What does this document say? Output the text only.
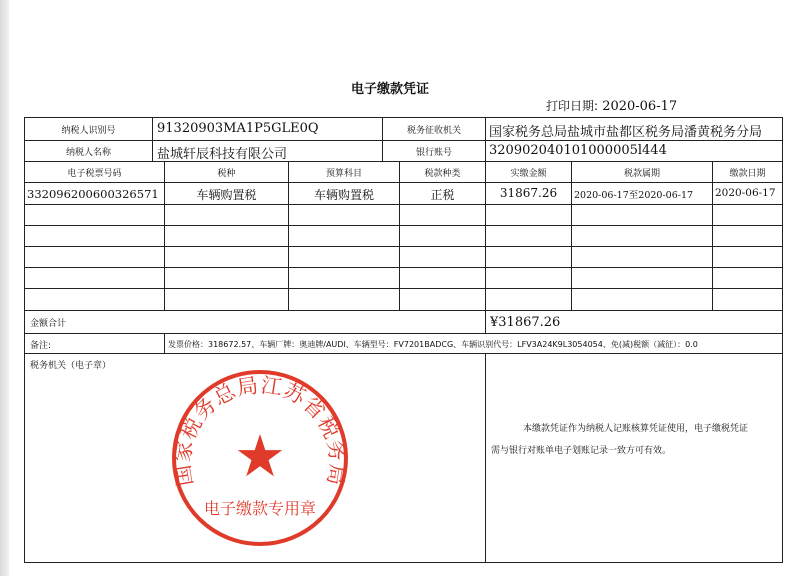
电子缴款凭证
打印日期: 2020-06-17
纳税人识别号	91320903MA1P5GLE0Q	税务征收机关	国家税务总局盐城市盐都区税务局潘黄税务分局
纳税人名称	盐城轩辰科技有限公司	银行账号	320902040101000005l444
电子税票号码	税种	预算科目	税款种类	实缴金额	税款属期	缴款日期
332096200600326571	车辆购置税	车辆购置税	正税	31867.26	2020-06-17至2020-06-17 2020-06-17
金额合计	¥31867.26
备注:	发票价格：318672.57、车辆厂牌：奥迪牌/AUDI、车辆型号：FV7201BADCG、车辆识别代号：LFV3A24K9L3054054、免(减)税额（减征）：0.0
税务机关（电子章）
国家税务总局江苏省税务局
★
电子缴款专用章
本缴款凭证作为纳税人记账核算凭证使用，电子缴税凭证
需与银行对账单电子划账记录一致方可有效。
